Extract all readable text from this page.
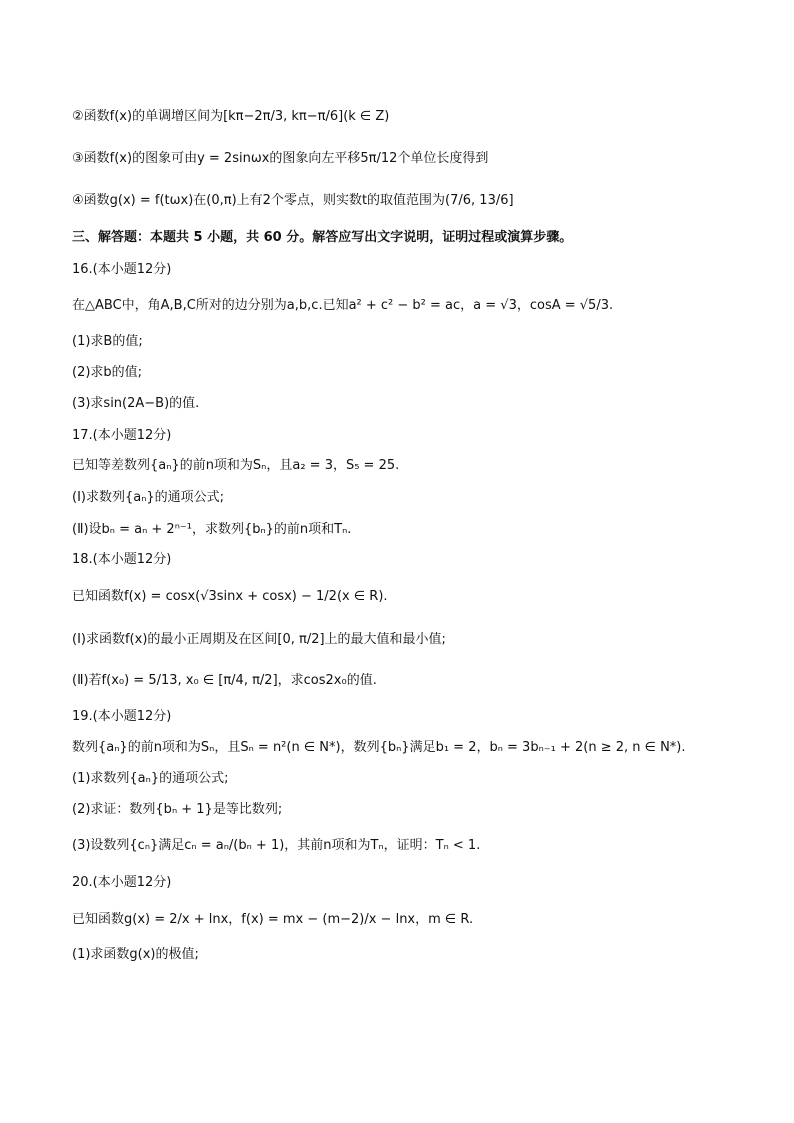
②函数f(x)的单调增区间为[kπ−2π/3, kπ−π/6](k ∈ Z)
③函数f(x)的图象可由y = 2sinωx的图象向左平移5π/12个单位长度得到
④函数g(x) = f(tωx)在(0,π)上有2个零点，则实数t的取值范围为(7/6, 13/6]
三、解答题：本题共 5 小题，共 60 分。解答应写出文字说明，证明过程或演算步骤。
16.(本小题12分)
在△ABC中，角A,B,C所对的边分别为a,b,c.已知a² + c² − b² = ac，a = √3，cosA = √5/3.
(1)求B的值;
(2)求b的值;
(3)求sin(2A−B)的值.
17.(本小题12分)
已知等差数列{aₙ}的前n项和为Sₙ，且a₂ = 3，S₅ = 25.
(Ⅰ)求数列{aₙ}的通项公式;
(Ⅱ)设bₙ = aₙ + 2ⁿ⁻¹，求数列{bₙ}的前n项和Tₙ.
18.(本小题12分)
已知函数f(x) = cosx(√3sinx + cosx) − 1/2(x ∈ R).
(Ⅰ)求函数f(x)的最小正周期及在区间[0, π/2]上的最大值和最小值;
(Ⅱ)若f(x₀) = 5/13, x₀ ∈ [π/4, π/2]，求cos2x₀的值.
19.(本小题12分)
数列{aₙ}的前n项和为Sₙ，且Sₙ = n²(n ∈ N*)，数列{bₙ}满足b₁ = 2，bₙ = 3bₙ₋₁ + 2(n ≥ 2, n ∈ N*).
(1)求数列{aₙ}的通项公式;
(2)求证：数列{bₙ + 1}是等比数列;
(3)设数列{cₙ}满足cₙ = aₙ/(bₙ + 1)，其前n项和为Tₙ，证明：Tₙ < 1.
20.(本小题12分)
已知函数g(x) = 2/x + lnx，f(x) = mx − (m−2)/x − lnx，m ∈ R.
(1)求函数g(x)的极值;
